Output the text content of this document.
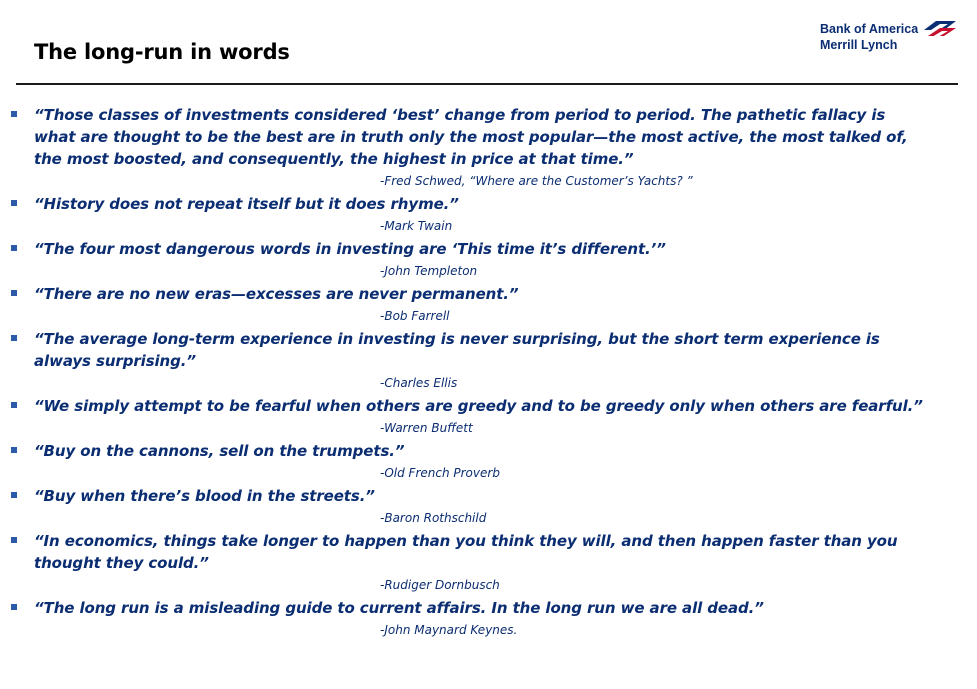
The long-run in words
Bank of America
Merrill Lynch
“Those classes of investments considered ‘best’ change from period to period. The pathetic fallacy is what are thought to be the best are in truth only the most popular—the most active, the most talked of, the most boosted, and consequently, the highest in price at that time.”
-Fred Schwed, “Where are the Customer’s Yachts? ”
“History does not repeat itself but it does rhyme.”
-Mark Twain
“The four most dangerous words in investing are ‘This time it’s different.’”
-John Templeton
“There are no new eras—excesses are never permanent.”
-Bob Farrell
“The average long-term experience in investing is never surprising, but the short term experience is always surprising.”
-Charles Ellis
“We simply attempt to be fearful when others are greedy and to be greedy only when others are fearful.”
-Warren Buffett
“Buy on the cannons, sell on the trumpets.”
-Old French Proverb
“Buy when there’s blood in the streets.”
-Baron Rothschild
“In economics, things take longer to happen than you think they will, and then happen faster than you thought they could.”
-Rudiger Dornbusch
“The long run is a misleading guide to current affairs. In the long run we are all dead.”
-John Maynard Keynes.
